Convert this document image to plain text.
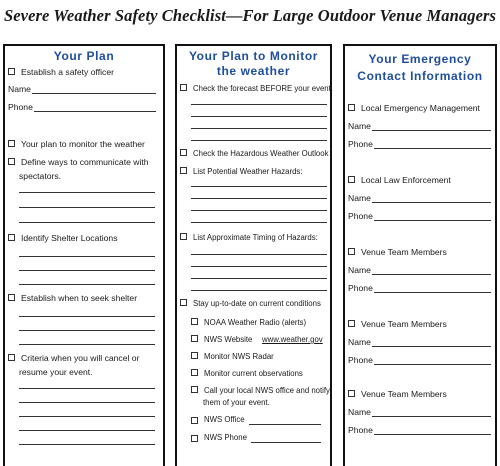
Severe Weather Safety Checklist—For Large Outdoor Venue Managers
Your Plan
Establish a safety officer
Name
Phone
Your plan to monitor the weather
Define ways to communicate with
spectators.
Identify Shelter Locations
Establish when to seek shelter
Criteria when you will cancel or
resume your event.
Your Plan to Monitor
the weather
Check the forecast BEFORE your event.
Check the Hazardous Weather Outlook
List Potential Weather Hazards:
List Approximate Timing of Hazards:
Stay up-to-date on current conditions
NOAA Weather Radio (alerts)
NWS Website www.weather.gov
Monitor NWS Radar
Monitor current observations
Call your local NWS office and notify
them of your event.
NWS Office
NWS Phone
Your Emergency
Contact Information
Local Emergency Management
Name
Phone
Local Law Enforcement
Name
Phone
Venue Team Members
Name
Phone
Venue Team Members
Name
Phone
Venue Team Members
Name
Phone
